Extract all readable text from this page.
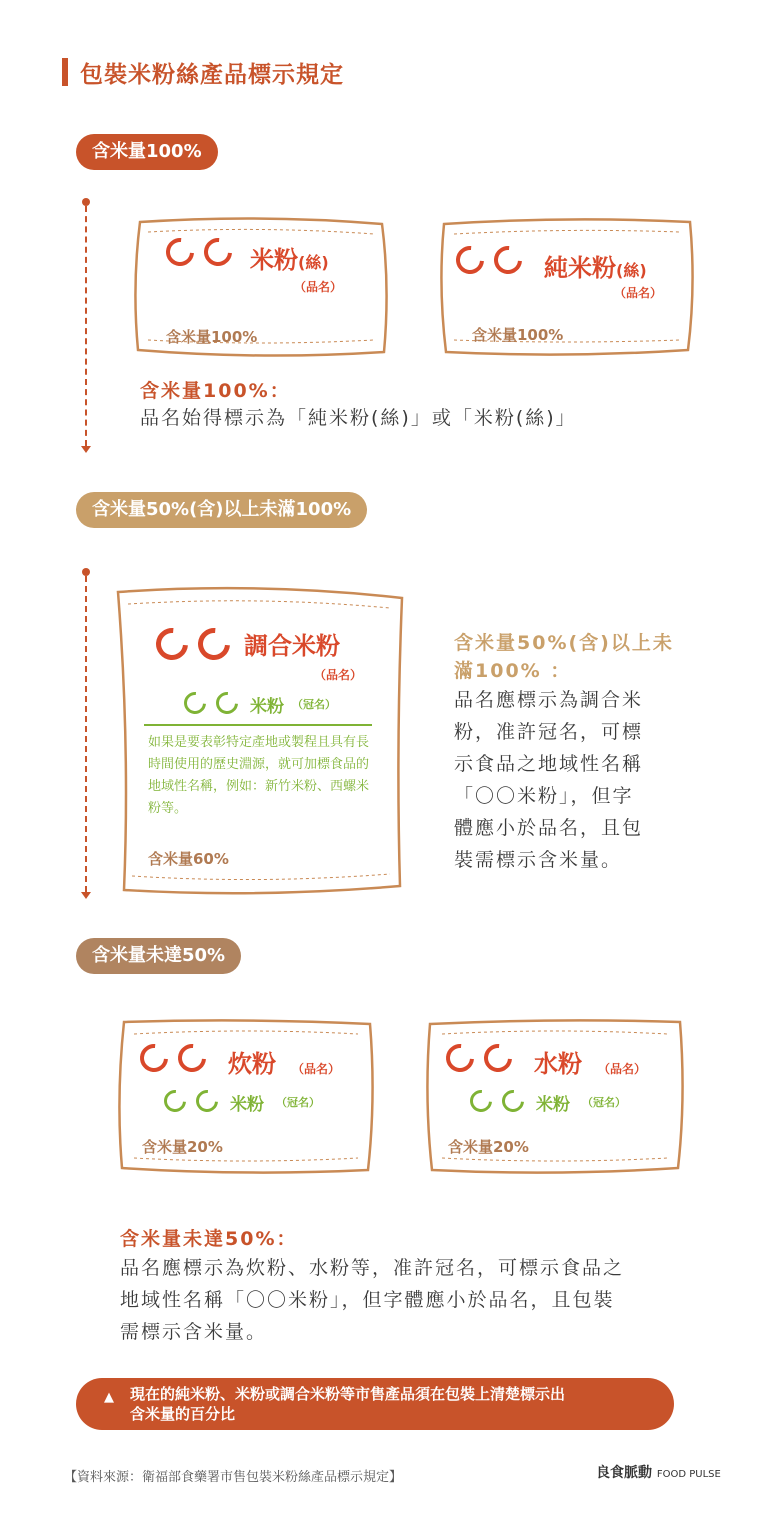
包裝米粉絲產品標示規定
含米量100%
米粉(絲)
（品名）
含米量100%
純米粉(絲)
（品名）
含米量100%
含米量100%：
品名始得標示為「純米粉(絲)」或「米粉(絲)」
含米量50%(含)以上未滿100%
調合米粉
（品名）
米粉 （冠名）
如果是要表彰特定產地或製程且具有長時間使用的歷史淵源，就可加標食品的地域性名稱，例如：新竹米粉、西螺米粉等。
含米量60%
含米量50%(含)以上未
滿100% ：
品名應標示為調合米
粉，准許冠名，可標
示食品之地域性名稱
「〇〇米粉」，但字
體應小於品名，且包
裝需標示含米量。
含米量未達50%
炊粉 （品名）
米粉 （冠名）
含米量20%
水粉 （品名）
米粉 （冠名）
含米量20%
含米量未達50%：
品名應標示為炊粉、水粉等，准許冠名，可標示食品之
地域性名稱「〇〇米粉」，但字體應小於品名，且包裝
需標示含米量。
▲ 現在的純米粉、米粉或調合米粉等市售產品須在包裝上清楚標示出
含米量的百分比
【資料來源：衛福部食藥署市售包裝米粉絲產品標示規定】	良食脈動 FOOD PULSE
